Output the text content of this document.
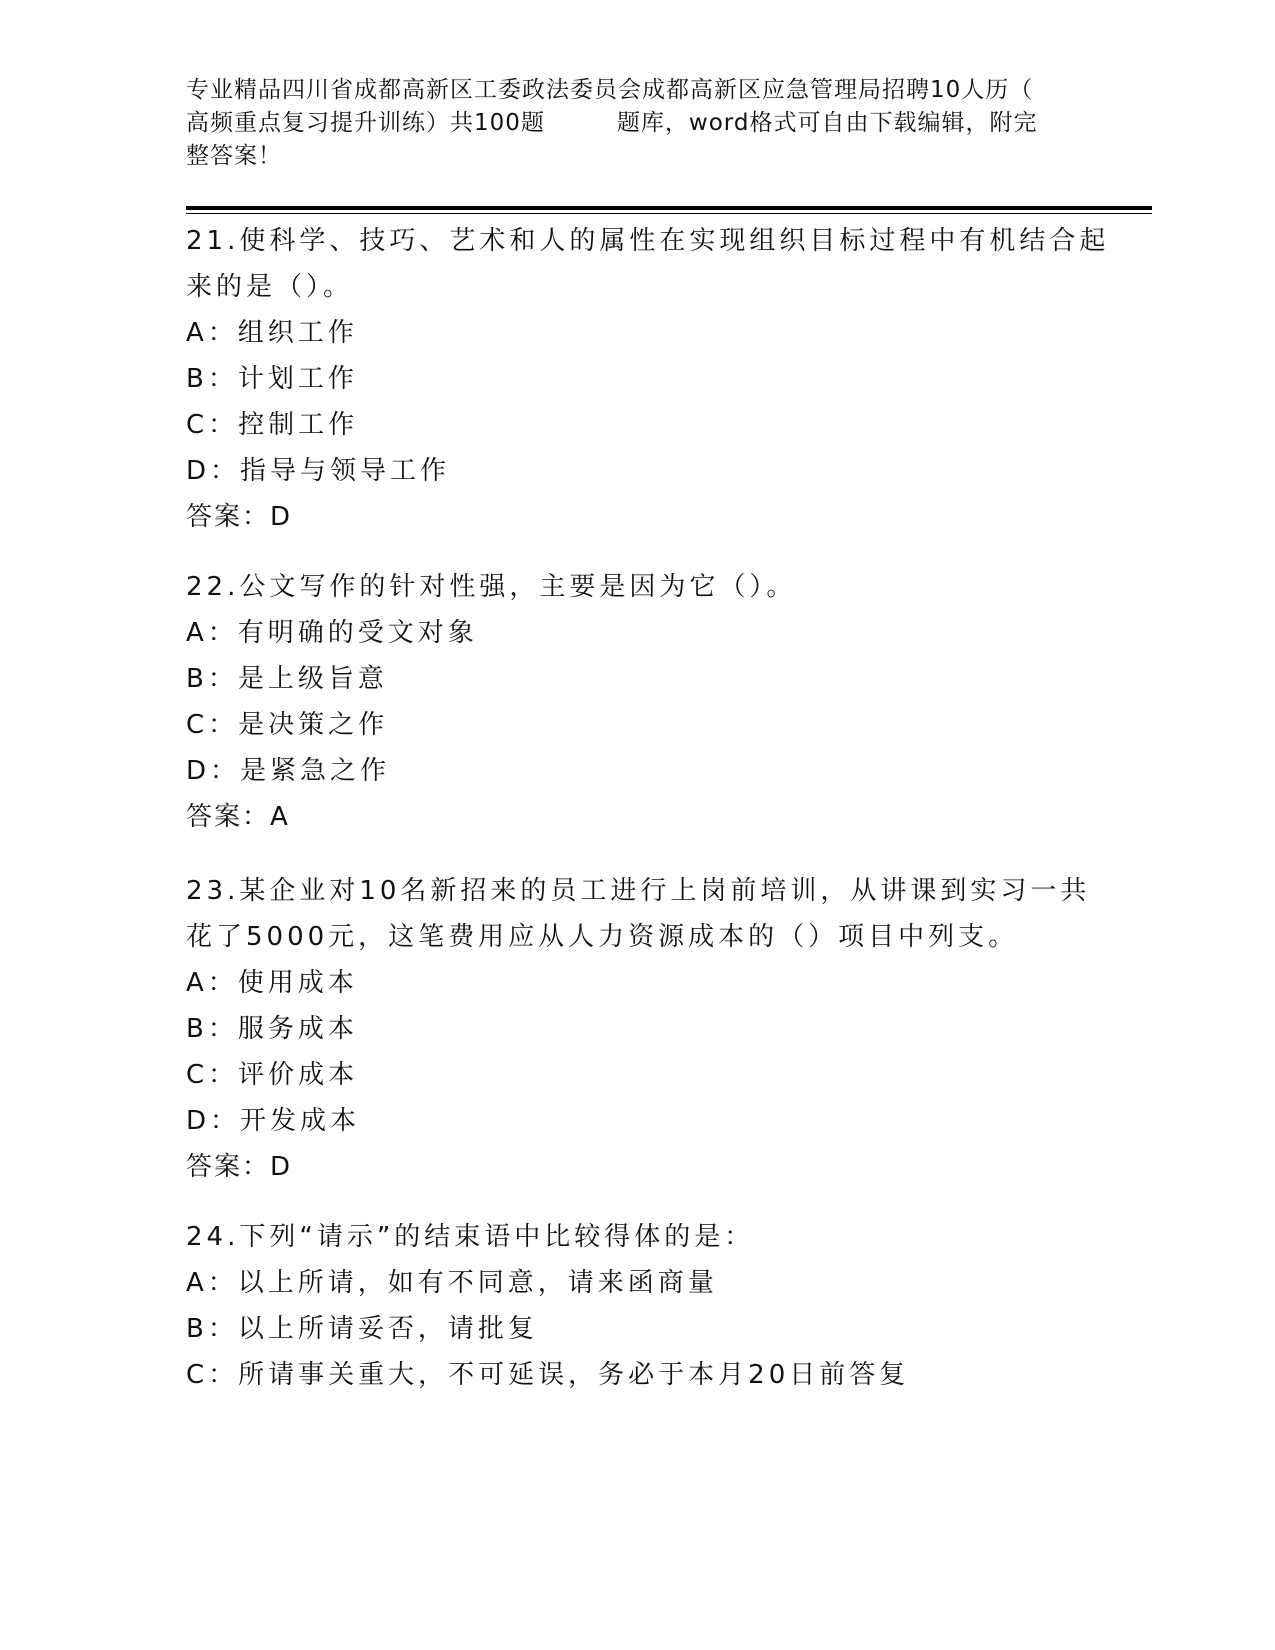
专业精品四川省成都高新区工委政法委员会成都高新区应急管理局招聘10人历（
高频重点复习提升训练）共100题	题库，word格式可自由下载编辑，附完
整答案！
21.使科学、技巧、艺术和人的属性在实现组织目标过程中有机结合起
来的是（）。
A：组织工作
B：计划工作
C：控制工作
D：指导与领导工作
答案：D
22.公文写作的针对性强，主要是因为它（）。
A：有明确的受文对象
B：是上级旨意
C：是决策之作
D：是紧急之作
答案：A
23.某企业对10名新招来的员工进行上岗前培训，从讲课到实习一共
花了5000元，这笔费用应从人力资源成本的（）项目中列支。
A：使用成本
B：服务成本
C：评价成本
D：开发成本
答案：D
24.下列“请示”的结束语中比较得体的是：
A：以上所请，如有不同意，请来函商量
B：以上所请妥否，请批复
C：所请事关重大，不可延误，务必于本月20日前答复
